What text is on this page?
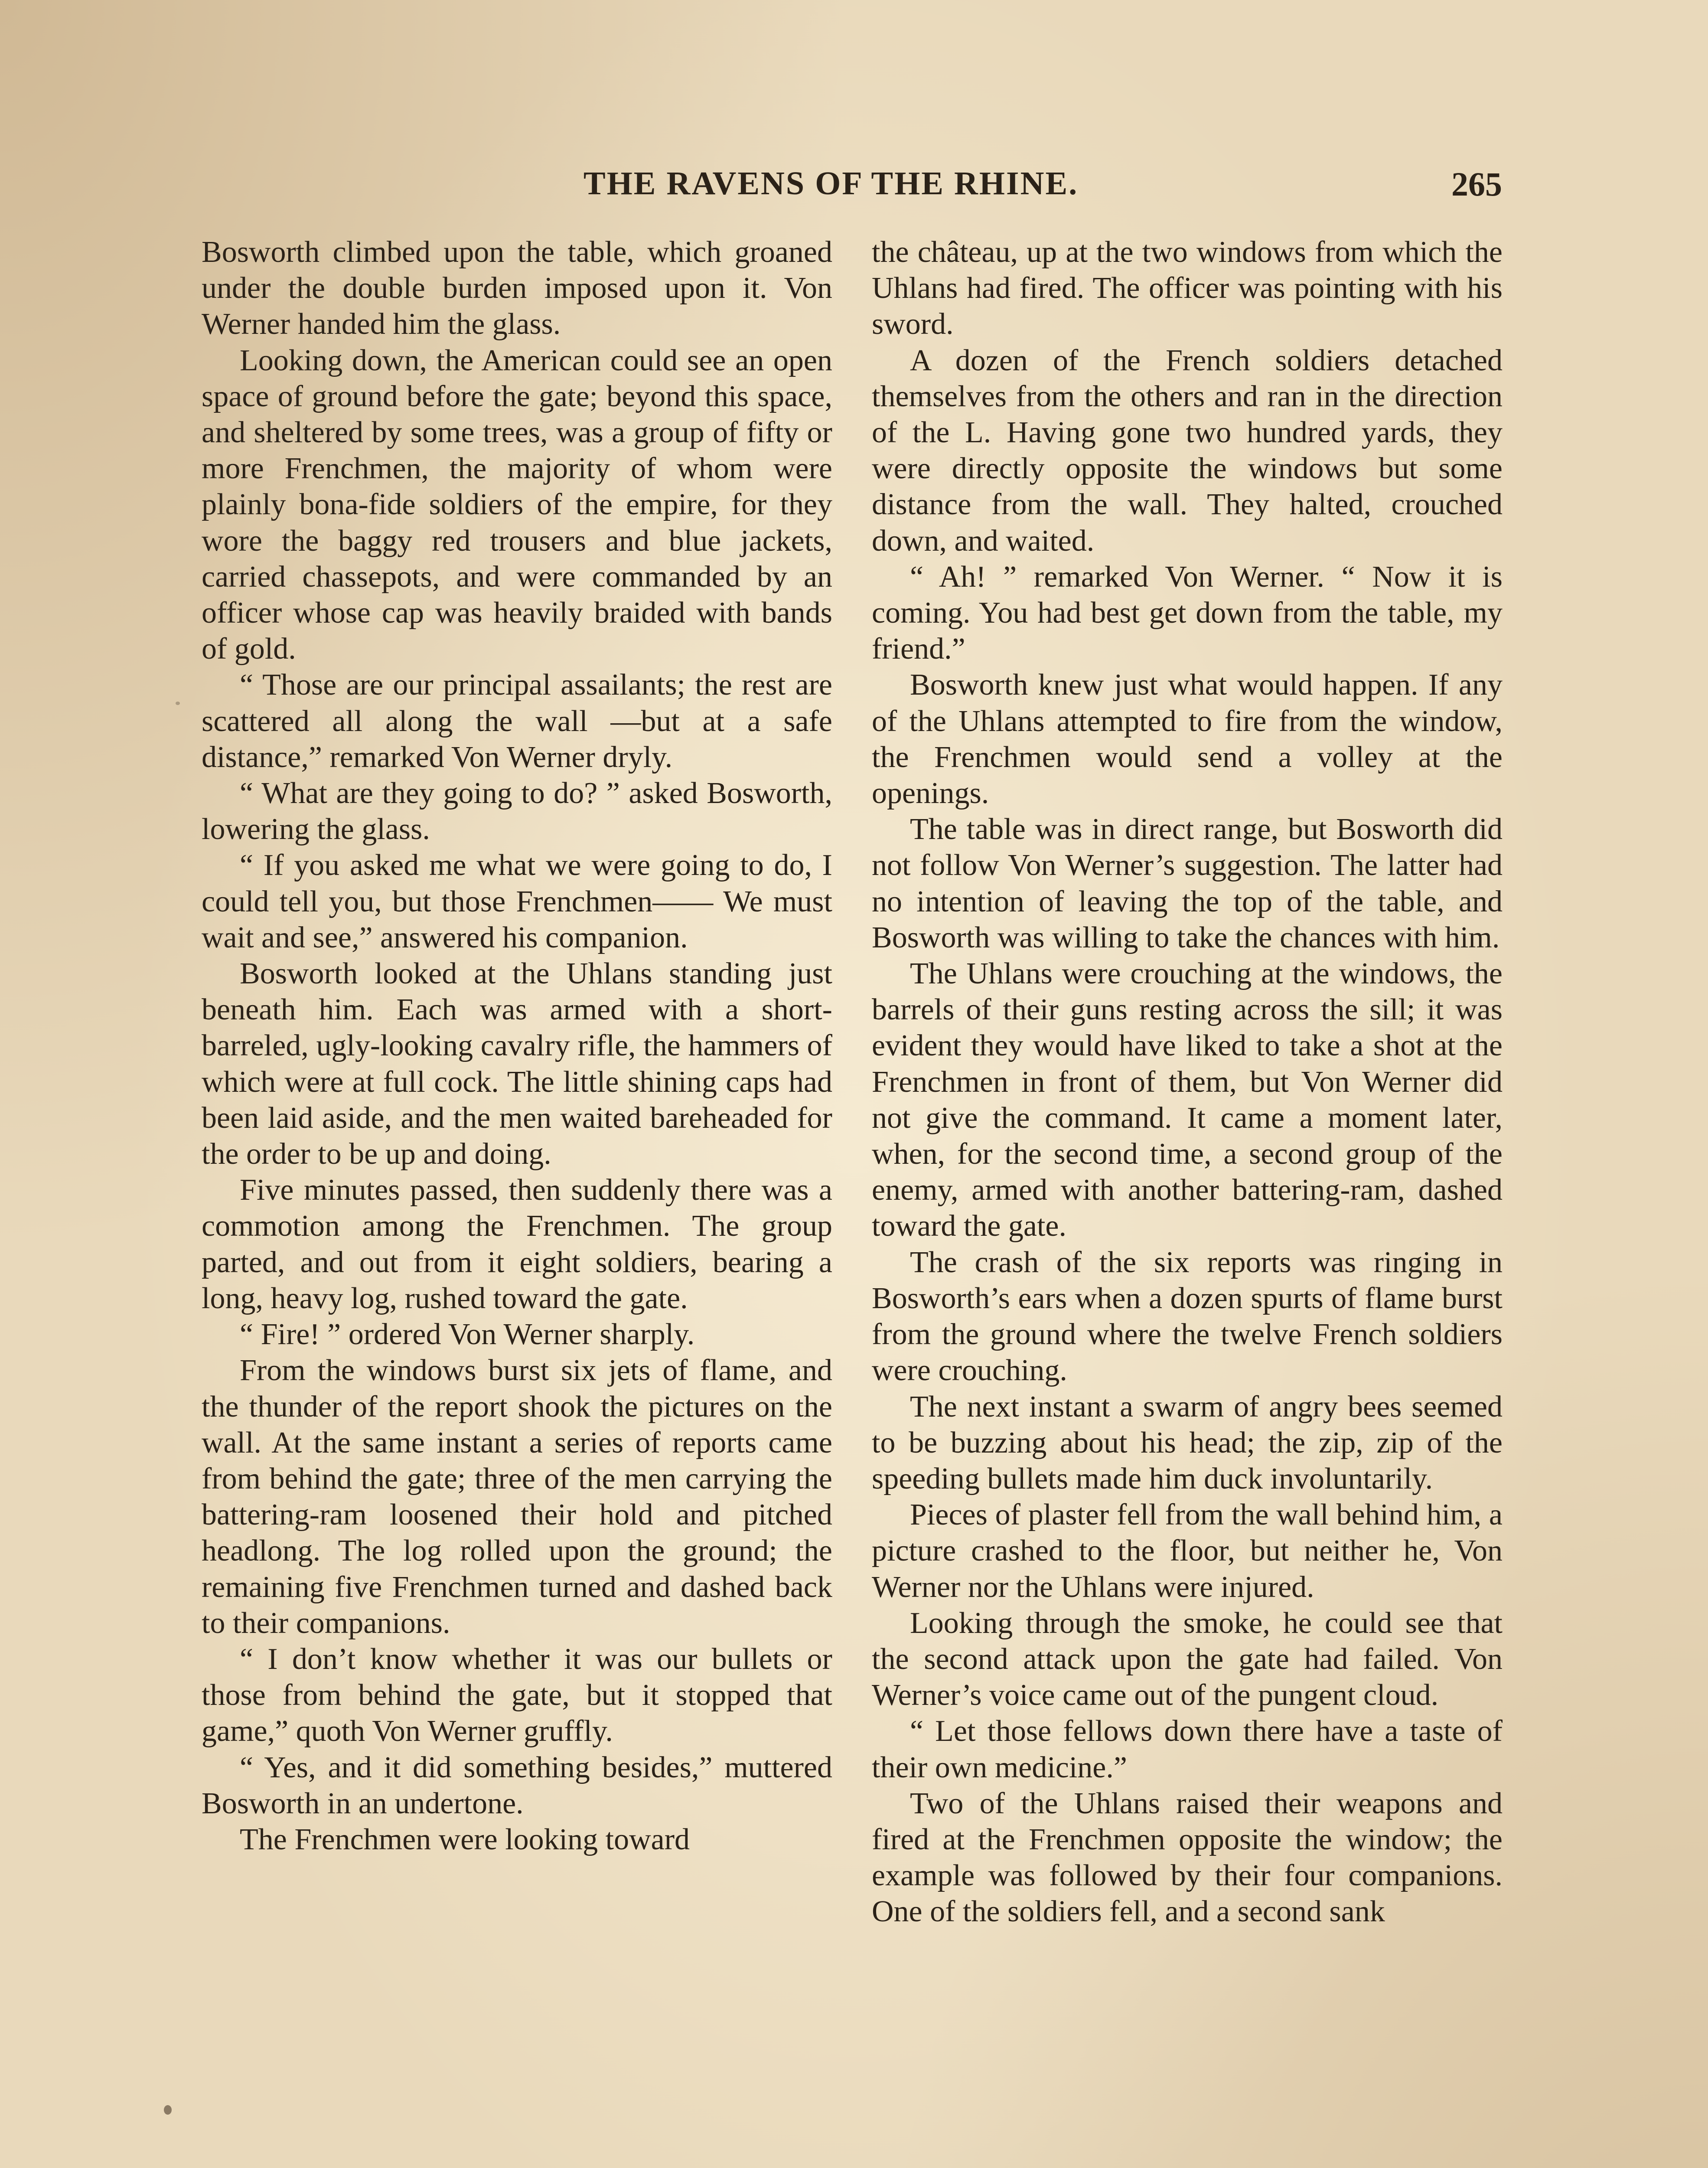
THE RAVENS OF THE RHINE.	265

Bosworth climbed upon the table, which groaned under the double burden imposed upon it. Von Werner handed him the glass.

Looking down, the American could see an open space of ground before the gate; beyond this space, and sheltered by some trees, was a group of fifty or more Frenchmen, the majority of whom were plainly bona-fide soldiers of the empire, for they wore the baggy red trousers and blue jackets, carried chassepots, and were commanded by an officer whose cap was heavily braided with bands of gold.

“ Those are our principal assailants; the rest are scattered all along the wall —but at a safe distance,” remarked Von Werner dryly.

“ What are they going to do? ” asked Bosworth, lowering the glass.

“ If you asked me what we were going to do, I could tell you, but those Frenchmen—— We must wait and see,” answered his companion.

Bosworth looked at the Uhlans standing just beneath him. Each was armed with a short-barreled, ugly-looking cavalry rifle, the hammers of which were at full cock. The little shining caps had been laid aside, and the men waited bareheaded for the order to be up and doing.

Five minutes passed, then suddenly there was a commotion among the Frenchmen. The group parted, and out from it eight soldiers, bearing a long, heavy log, rushed toward the gate.

“ Fire! ” ordered Von Werner sharply.

From the windows burst six jets of flame, and the thunder of the report shook the pictures on the wall. At the same instant a series of reports came from behind the gate; three of the men carrying the battering-ram loosened their hold and pitched headlong. The log rolled upon the ground; the remaining five Frenchmen turned and dashed back to their companions.

“ I don’t know whether it was our bullets or those from behind the gate, but it stopped that game,” quoth Von Werner gruffly.

“ Yes, and it did something besides,” muttered Bosworth in an undertone.

The Frenchmen were looking toward

the château, up at the two windows from which the Uhlans had fired. The officer was pointing with his sword.

A dozen of the French soldiers detached themselves from the others and ran in the direction of the L. Having gone two hundred yards, they were directly opposite the windows but some distance from the wall. They halted, crouched down, and waited.

“ Ah! ” remarked Von Werner. “ Now it is coming. You had best get down from the table, my friend.”

Bosworth knew just what would happen. If any of the Uhlans attempted to fire from the window, the Frenchmen would send a volley at the openings.

The table was in direct range, but Bosworth did not follow Von Werner’s suggestion. The latter had no intention of leaving the top of the table, and Bosworth was willing to take the chances with him.

The Uhlans were crouching at the windows, the barrels of their guns resting across the sill; it was evident they would have liked to take a shot at the Frenchmen in front of them, but Von Werner did not give the command. It came a moment later, when, for the second time, a second group of the enemy, armed with another battering-ram, dashed toward the gate.

The crash of the six reports was ringing in Bosworth’s ears when a dozen spurts of flame burst from the ground where the twelve French soldiers were crouching.

The next instant a swarm of angry bees seemed to be buzzing about his head; the zip, zip of the speeding bullets made him duck involuntarily.

Pieces of plaster fell from the wall behind him, a picture crashed to the floor, but neither he, Von Werner nor the Uhlans were injured.

Looking through the smoke, he could see that the second attack upon the gate had failed. Von Werner’s voice came out of the pungent cloud.

“ Let those fellows down there have a taste of their own medicine.”

Two of the Uhlans raised their weapons and fired at the Frenchmen opposite the window; the example was followed by their four companions. One of the soldiers fell, and a second sank
